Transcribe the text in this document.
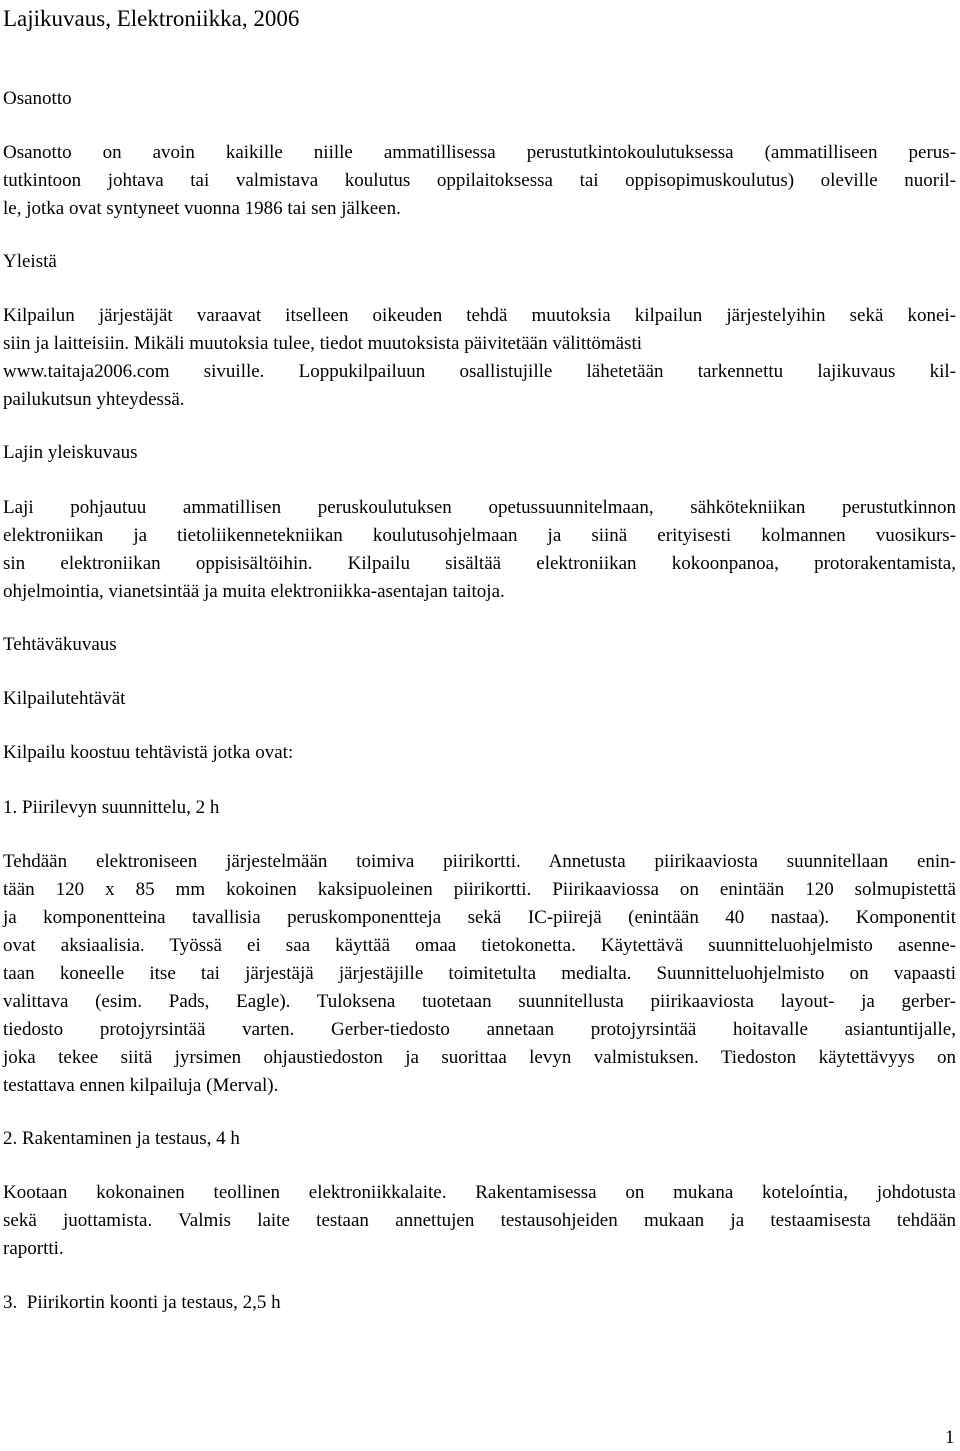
Lajikuvaus, Elektroniikka, 2006
Osanotto
Osanotto on avoin kaikille niille ammatillisessa perustutkintokoulutuksessa (ammatilliseen perus-
tutkintoon johtava tai valmistava koulutus oppilaitoksessa tai oppisopimuskoulutus) oleville nuoril-
le, jotka ovat syntyneet vuonna 1986 tai sen jälkeen.
Yleistä
Kilpailun järjestäjät varaavat itselleen oikeuden tehdä muutoksia kilpailun järjestelyihin sekä konei-
siin ja laitteisiin. Mikäli muutoksia tulee, tiedot muutoksista päivitetään välittömästi
www.taitaja2006.com sivuille. Loppukilpailuun osallistujille lähetetään tarkennettu lajikuvaus kil-
pailukutsun yhteydessä.
Lajin yleiskuvaus
Laji pohjautuu ammatillisen peruskoulutuksen opetussuunnitelmaan, sähkötekniikan perustutkinnon
elektroniikan ja tietoliikennetekniikan koulutusohjelmaan ja siinä erityisesti kolmannen vuosikurs-
sin elektroniikan oppisisältöihin. Kilpailu sisältää elektroniikan kokoonpanoa, protorakentamista,
ohjelmointia, vianetsintää ja muita elektroniikka-asentajan taitoja.
Tehtäväkuvaus
Kilpailutehtävät
Kilpailu koostuu tehtävistä jotka ovat:
1. Piirilevyn suunnittelu, 2 h
Tehdään elektroniseen järjestelmään toimiva piirikortti. Annetusta piirikaaviosta suunnitellaan enin-
tään 120 x 85 mm kokoinen kaksipuoleinen piirikortti. Piirikaaviossa on enintään 120 solmupistettä
ja komponentteina tavallisia peruskomponentteja sekä IC-piirejä (enintään 40 nastaa). Komponentit
ovat aksiaalisia. Työssä ei saa käyttää omaa tietokonetta. Käytettävä suunnitteluohjelmisto asenne-
taan koneelle itse tai järjestäjä järjestäjille toimitetulta medialta. Suunnitteluohjelmisto on vapaasti
valittava (esim. Pads, Eagle). Tuloksena tuotetaan suunnitellusta piirikaaviosta layout- ja gerber-
tiedosto protojyrsintää varten. Gerber-tiedosto annetaan protojyrsintää hoitavalle asiantuntijalle,
joka tekee siitä jyrsimen ohjaustiedoston ja suorittaa levyn valmistuksen. Tiedoston käytettävyys on
testattava ennen kilpailuja (Merval).
2. Rakentaminen ja testaus, 4 h
Kootaan kokonainen teollinen elektroniikkalaite. Rakentamisessa on mukana koteloíntia, johdotusta
sekä juottamista. Valmis laite testaan annettujen testausohjeiden mukaan ja testaamisesta tehdään
raportti.
3.  Piirikortin koonti ja testaus, 2,5 h
1
